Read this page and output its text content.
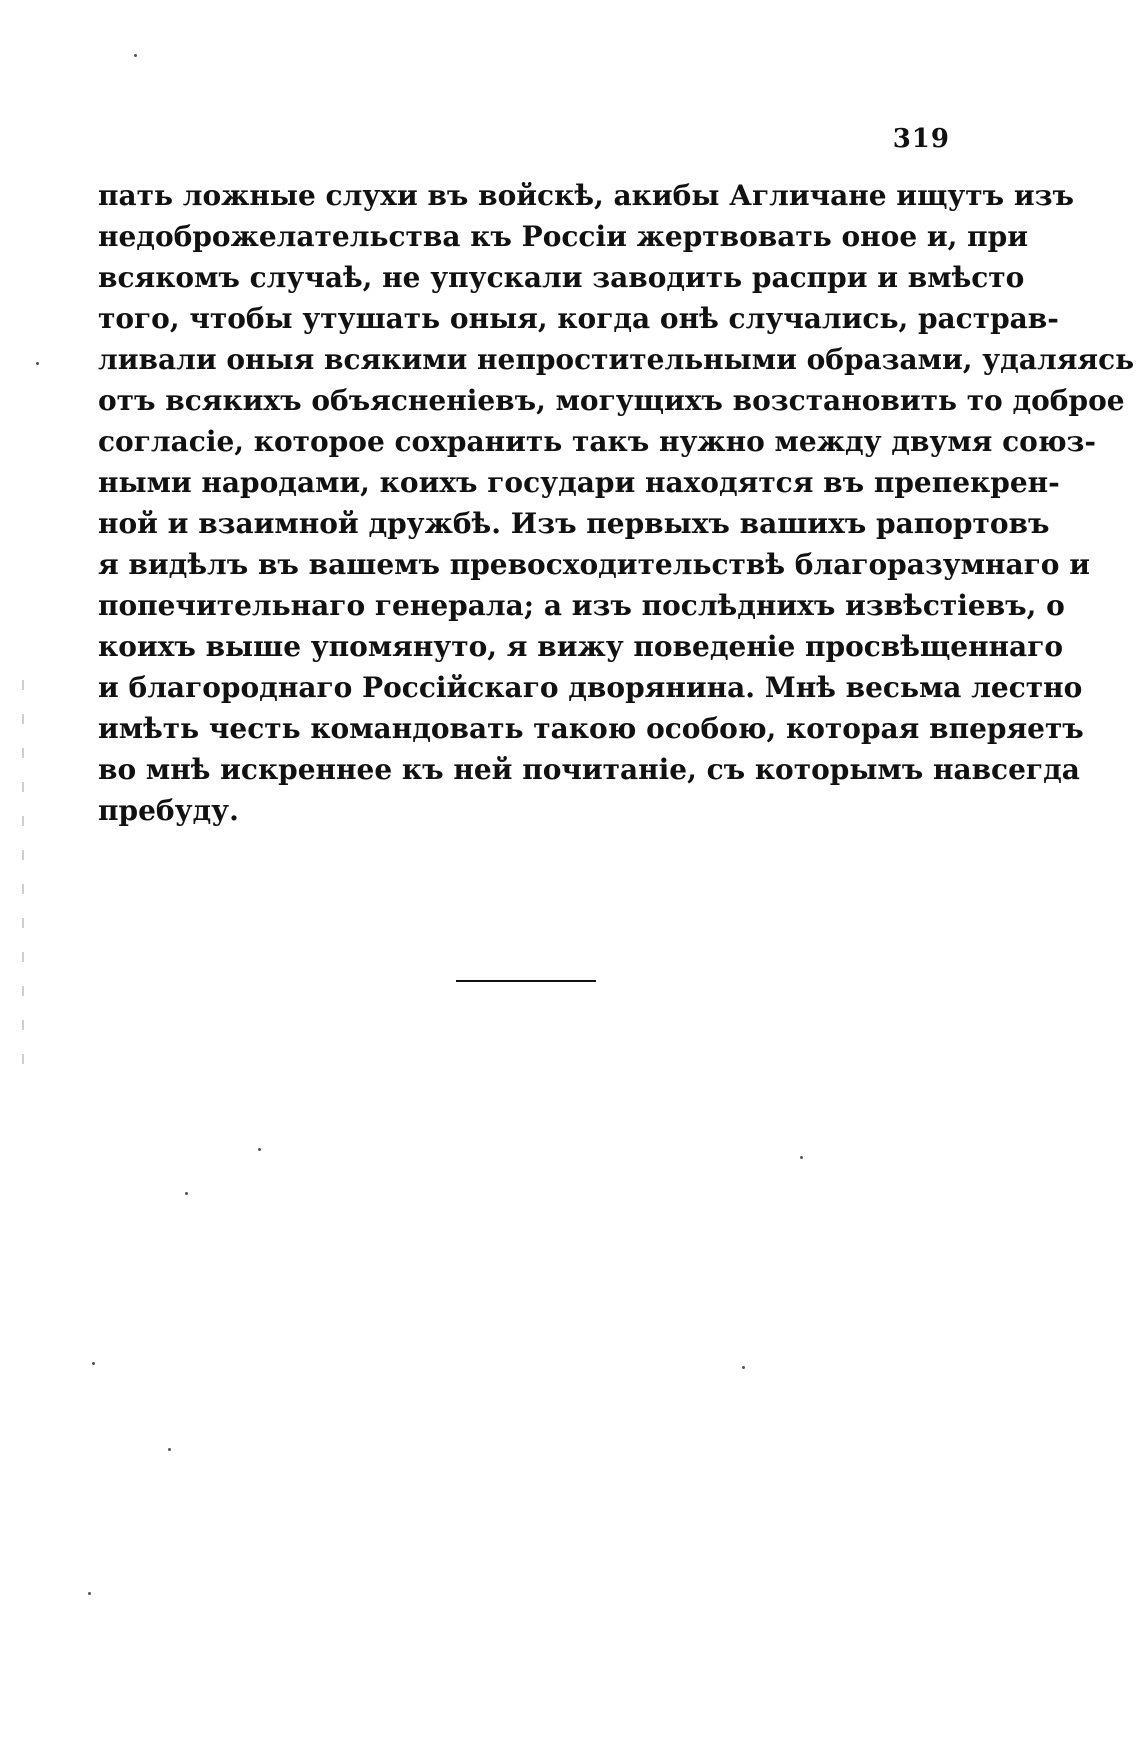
319
пать ложные слухи въ войскѣ, акибы Агличане ищутъ изъ
недоброжелательства къ Россіи жертвовать оное и, при
всякомъ случаѣ, не упускали заводить распри и вмѣсто
того, чтобы утушать оныя, когда онѣ случались, растрав-
ливали оныя всякими непростительными образами, удаляясь
отъ всякихъ объясненіевъ, могущихъ возстановить то доброе
согласіе, которое сохранить такъ нужно между двумя союз-
ными народами, коихъ государи находятся въ препекрен-
ной и взаимной дружбѣ. Изъ первыхъ вашихъ рапортовъ
я видѣлъ въ вашемъ превосходительствѣ благоразумнаго и
попечительнаго генерала; а изъ послѣднихъ извѣстіевъ, о
коихъ выше упомянуто, я вижу поведеніе просвѣщеннаго
и благороднаго Россійскаго дворянина. Мнѣ весьма лестно
имѣть честь командовать такою особою, которая вперяетъ
во мнѣ искреннее къ ней почитаніе, съ которымъ навсегда
пребуду.
